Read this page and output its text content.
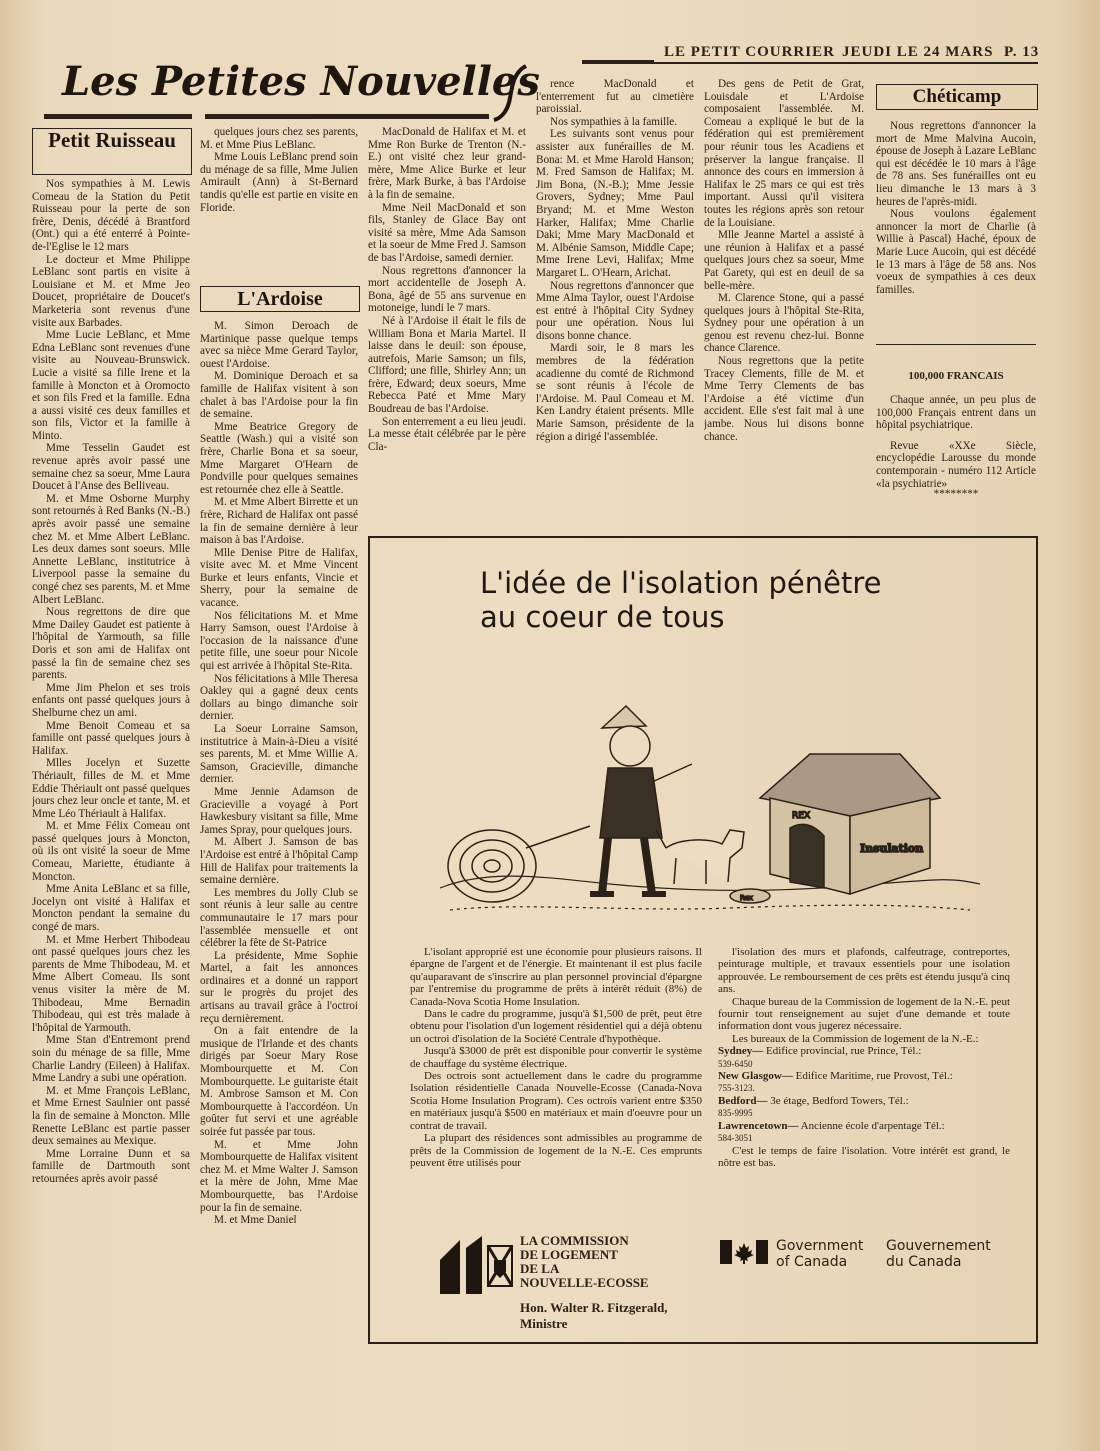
LE PETIT COURRIER JEUDI LE 24 MARS P. 13
Les Petites Nouvelles
Petit Ruisseau

Nos sympathies à M. Lewis Comeau de la Station du Petit Ruisseau pour la perte de son frère, Denis, décédé à Brantford (Ont.) qui a été enterré à Pointe-de-l'Eglise le 12 mars

Le docteur et Mme Philippe LeBlanc sont partis en visite à Louisiane et M. et Mme Jeo Doucet, propriétaire de Doucet's Marketeria sont revenus d'une visite aux Barbades.

Mme Lucie LeBlanc, et Mme Edna LeBlanc sont revenues d'une visite au Nouveau-Brunswick. Lucie a visité sa fille Irene et la famille à Moncton et à Oromocto et son fils Fred et la famille. Edna a aussi visité ces deux familles et son fils, Victor et la famille à Minto.

Mme Tesselin Gaudet est revenue après avoir passé une semaine chez sa soeur, Mme Laura Doucet à l'Anse des Belliveau.

M. et Mme Osborne Murphy sont retournés à Red Banks (N.-B.) après avoir passé une semaine chez M. et Mme Albert LeBlanc. Les deux dames sont soeurs. Mlle Annette LeBlanc, institutrice à Liverpool passe la semaine du congé chez ses parents, M. et Mme Albert LeBlanc.

Nous regrettons de dire que Mme Dailey Gaudet est patiente à l'hôpital de Yarmouth, sa fille Doris et son ami de Halifax ont passé la fin de semaine chez ses parents.

Mme Jim Phelon et ses trois enfants ont passé quelques jours à Shelburne chez un ami.

Mme Benoit Comeau et sa famille ont passé quelques jours à Halifax.

Mlles Jocelyn et Suzette Thériault, filles de M. et Mme Eddie Thériault ont passé quelques jours chez leur oncle et tante, M. et Mme Léo Thériault à Halifax.

M. et Mme Félix Comeau ont passé quelques jours à Moncton, où ils ont visité la soeur de Mme Comeau, Mariette, étudiante à Moncton.

Mme Anita LeBlanc et sa fille, Jocelyn ont visité à Halifax et Moncton pendant la semaine du congé de mars.

M. et Mme Herbert Thibodeau ont passé quelques jours chez les parents de Mme Thibodeau, M. et Mme Albert Comeau. Ils sont venus visiter la mère de M. Thibodeau, Mme Bernadin Thibodeau, qui est très malade à l'hôpital de Yarmouth.

Mme Stan d'Entremont prend soin du ménage de sa fille, Mme Charlie Landry (Eileen) à Halifax. Mme Landry a subi une opération.

M. et Mme François LeBlanc, et Mme Ernest Saulnier ont passé la fin de semaine à Moncton. Mlle Renette LeBlanc est partie passer deux semaines au Mexique.

Mme Lorraine Dunn et sa famille de Dartmouth sont retournées après avoir passé

quelques jours chez ses parents, M. et Mme Pius LeBlanc.

Mme Louis LeBlanc prend soin du ménage de sa fille, Mme Julien Amirault (Ann) à St-Bernard tandis qu'elle est partie en visite en Floride.

L'Ardoise

M. Simon Deroach de Martinique passe quelque temps avec sa nièce Mme Gerard Taylor, ouest l'Ardoise.

M. Dominique Deroach et sa famille de Halifax visitent à son chalet à bas l'Ardoise pour la fin de semaine.

Mme Beatrice Gregory de Seattle (Wash.) qui a visité son frère, Charlie Bona et sa soeur, Mme Margaret O'Hearn de Pondville pour quelques semaines est retournée chez elle à Seattle.

M. et Mme Albert Birrette et un frère, Richard de Halifax ont passé la fin de semaine dernière à leur maison à bas l'Ardoise.

Mlle Denise Pitre de Halifax, visite avec M. et Mme Vincent Burke et leurs enfants, Vincie et Sherry, pour la semaine de vacance.

Nos félicitations M. et Mme Harry Samson, ouest l'Ardoise à l'occasion de la naissance d'une petite fille, une soeur pour Nicole qui est arrivée à l'hôpital Ste-Rita.

Nos félicitations à Mlle Theresa Oakley qui a gagné deux cents dollars au bingo dimanche soir dernier.

La Soeur Lorraine Samson, institutrice à Main-à-Dieu a visité ses parents, M. et Mme Willie A. Samson, Gracieville, dimanche dernier.

Mme Jennie Adamson de Gracieville a voyagé à Port Hawkesbury visitant sa fille, Mme James Spray, pour quelques jours.

M. Albert J. Samson de bas l'Ardoise est entré à l'hôpital Camp Hill de Halifax pour traitements la semaine dernière.

Les membres du Jolly Club se sont réunis à leur salle au centre communautaire le 17 mars pour l'assemblée mensuelle et ont célébrer la fête de St-Patrice

La présidente, Mme Sophie Martel, a fait les annonces ordinaires et a donné un rapport sur le progrès du projet des artisans au travail grâce à l'octroi reçu dernièrement.

On a fait entendre de la musique de l'Irlande et des chants dirigés par Soeur Mary Rose Mombourquette et M. Con Mombourquette. Le guitariste était M. Ambrose Samson et M. Con Mombourquette à l'accordéon. Un goûter fut servi et une agréable soirée fut passée par tous.

M. et Mme John Mombourquette de Halifax visitent chez M. et Mme Walter J. Samson et la mère de John, Mme Mae Mombourquette, bas l'Ardoise pour la fin de semaine.

M. et Mme Daniel

MacDonald de Halifax et M. et Mme Ron Burke de Trenton (N.-E.) ont visité chez leur grand-mère, Mme Alice Burke et leur frère, Mark Burke, à bas l'Ardoise à la fin de semaine.

Mme Neil MacDonald et son fils, Stanley de Glace Bay ont visité sa mère, Mme Ada Samson et la soeur de Mme Fred J. Samson de bas l'Ardoise, samedi dernier.

Nous regrettons d'annoncer la mort accidentelle de Joseph A. Bona, âgé de 55 ans survenue en motoneige, lundi le 7 mars.

Né à l'Ardoise il était le fils de William Bona et Maria Martel. Il laisse dans le deuil: son épouse, autrefois, Marie Samson; un fils, Clifford; une fille, Shirley Ann; un frère, Edward; deux soeurs, Mme Rebecca Paté et Mme Mary Boudreau de bas l'Ardoise.

Son enterrement a eu lieu jeudi. La messe était célébrée par le père Cla-

rence MacDonald et l'enterrement fut au cimetière paroissial.

Nos sympathies à la famille.

Les suivants sont venus pour assister aux funérailles de M. Bona: M. et Mme Harold Hanson; M. Fred Samson de Halifax; M. Jim Bona, (N.-B.); Mme Jessie Grovers, Sydney; Mme Paul Bryand; M. et Mme Weston Harker, Halifax; Mme Charlie Daki; Mme Mary MacDonald et M. Albénie Samson, Middle Cape; Mme Irene Levi, Halifax; Mme Margaret L. O'Hearn, Arichat.

Nous regrettons d'annoncer que Mme Alma Taylor, ouest l'Ardoise est entré à l'hôpital City Sydney pour une opération. Nous lui disons bonne chance.

Mardi soir, le 8 mars les membres de la fédération acadienne du comté de Richmond se sont réunis à l'école de l'Ardoise. M. Paul Comeau et M. Ken Landry étaient présents. Mlle Marie Samson, présidente de la région a dirigé l'assemblée.

Des gens de Petit de Grat, Louisdale et L'Ardoise composaient l'assemblée. M. Comeau a expliqué le but de la fédération qui est premièrement pour réunir tous les Acadiens et préserver la langue française. Il annonce des cours en immersion à Halifax le 25 mars ce qui est très important. Aussi qu'il visitera toutes les régions après son retour de la Louisiane.

Mlle Jeanne Martel a assisté à une réunion à Halifax et a passé quelques jours chez sa soeur, Mme Pat Garety, qui est en deuil de sa belle-mère.

M. Clarence Stone, qui a passé quelques jours à l'hôpital Ste-Rita, Sydney pour une opération à un genou est revenu chez-lui. Bonne chance Clarence.

Nous regrettons que la petite Tracey Clements, fille de M. et Mme Terry Clements de bas l'Ardoise a été victime d'un accident. Elle s'est fait mal à une jambe. Nous lui disons bonne chance.

Chéticamp

Nous regrettons d'annoncer la mort de Mme Malvina Aucoin, épouse de Joseph à Lazare LeBlanc qui est décédée le 10 mars à l'âge de 78 ans. Ses funérailles ont eu lieu dimanche le 13 mars à 3 heures de l'après-midi.

Nous voulons également annoncer la mort de Charlie (à Willie à Pascal) Haché, époux de Marie Luce Aucoin, qui est décédé le 13 mars à l'âge de 58 ans. Nos voeux de sympathies à ces deux familles.

100,000 FRANCAIS

Chaque année, un peu plus de 100,000 Français entrent dans un hôpital psychiatrique.

Revue «XXe Siècle, encyclopédie Larousse du monde contemporain - numéro 112 Article «la psychiatrie»

********
L'idée de l'isolation pénêtre
au coeur de tous
REX
Insulation
Rex

L'isolant approprié est une économie pour plusieurs raisons. Il épargne de l'argent et de l'énergie. Et maintenant il est plus facile qu'auparavant de s'inscrire au plan personnel provincial d'épargne par l'entremise du programme de prêts à intérêt réduit (8%) de Canada-Nova Scotia Home Insulation.

Dans le cadre du programme, jusqu'à $1,500 de prêt, peut être obtenu pour l'isolation d'un logement résidentiel qui a déjà obtenu un octroi d'isolation de la Société Centrale d'hypothèque.

Jusqu'à $3000 de prêt est disponible pour convertir le système de chauffage du système électrique.

Des octrois sont actuellement dans le cadre du programme Isolation résidentielle Canada Nouvelle-Ecosse (Canada-Nova Scotia Home Insulation Program). Ces octrois varient entre $350 en matériaux jusqu'à $500 en matériaux et main d'oeuvre pour un contrat de travail.

La plupart des résidences sont admissibles au programme de prêts de la Commission de logement de la N.-E. Ces emprunts peuvent être utilisés pour

l'isolation des murs et plafonds, calfeutrage, contreportes, peinturage multiple, et travaux essentiels pour une isolation approuvée. Le remboursement de ces prêts est étendu jusqu'à cinq ans.

Chaque bureau de la Commission de logement de la N.-E. peut fournir tout renseignement au sujet d'une demande et toute information dont vous jugerez nécessaire.

Les bureaux de la Commission de logement de la N.-E.:

Sydney— Edifice provincial, rue Prince, Tél.:
539-6450

New Glasgow— Edifice Maritime, rue Provost, Tél.:
755-3123.

Bedford— 3e étage, Bedford Towers, Tél.:
835-9995

Lawrencetown— Ancienne école d'arpentage Tél.:
584-3051

C'est le temps de faire l'isolation. Votre intérêt est grand, le nôtre est bas.

LA COMMISSION
DE LOGEMENT
DE LA
NOUVELLE-ECOSSE
Hon. Walter R. Fitzgerald,
Ministre
Government
of Canada
Gouvernement
du Canada
